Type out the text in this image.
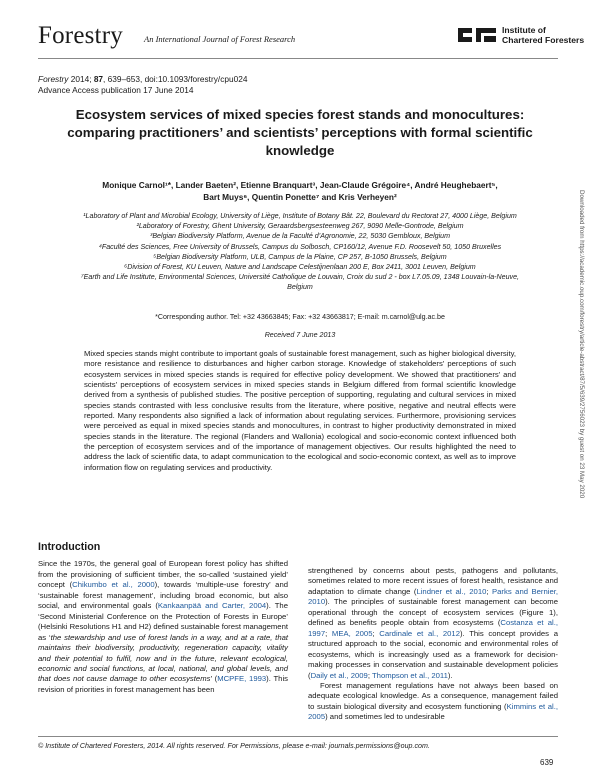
Forestry An International Journal of Forest Research
Institute of
Chartered Foresters
Forestry 2014; 87, 639–653, doi:10.1093/forestry/cpu024
Advance Access publication 17 June 2014
Ecosystem services of mixed species forest stands and monocultures: comparing practitioners’ and scientists’ perceptions with formal scientific knowledge
Monique Carnol¹*, Lander Baeten², Etienne Branquart³, Jean-Claude Grégoire⁴, André Heughebaert⁵,
Bart Muys⁶, Quentin Ponette⁷ and Kris Verheyen²
¹Laboratory of Plant and Microbial Ecology, University of Liège, Institute of Botany Bât. 22, Boulevard du Rectorat 27, 4000 Liège, Belgium
²Laboratory of Forestry, Ghent University, Geraardsbergsesteenweg 267, 9090 Melle-Gontrode, Belgium
³Belgian Biodiversity Platform, Avenue de la Faculté d’Agronomie, 22, 5030 Gembloux, Belgium
⁴Faculté des Sciences, Free University of Brussels, Campus du Solbosch, CP160/12, Avenue F.D. Roosevelt 50, 1050 Bruxelles
⁵Belgian Biodiversity Platform, ULB, Campus de la Plaine, CP 257, B-1050 Brussels, Belgium
⁶Division of Forest, KU Leuven, Nature and Landscape Celestijnenlaan 200 E, Box 2411, 3001 Leuven, Belgium
⁷Earth and Life Institute, Environmental Sciences, Université Catholique de Louvain, Croix du sud 2 - box L7.05.09, 1348 Louvain-la-Neuve,
Belgium
*Corresponding author. Tel: +32 43663845; Fax: +32 43663817; E-mail: m.carnol@ulg.ac.be
Received 7 June 2013
Mixed species stands might contribute to important goals of sustainable forest management, such as higher biological diversity, more resistance and resilience to disturbances and higher carbon storage. Knowledge of stakeholders’ perceptions of such ecosystem services in mixed species stands is required for effective policy development. We showed that practitioners’ and scientists’ perceptions of ecosystem services in mixed species stands in Belgium differed from formal scientific knowledge derived from a synthesis of published studies. The positive perception of supporting, regulating and cultural services in mixed species stands contrasted with less conclusive results from the literature, where positive, negative and neutral effects were reported. Many respondents also signified a lack of information about regulating services. Furthermore, provisioning services were perceived as equal in mixed species stands and monocultures, in contrast to higher productivity demonstrated in mixed species stands in the literature. The regional (Flanders and Wallonia) ecological and socio-economic context influenced both the perception of ecosystem services and of the importance of management objectives. Our results highlighted the need to address the lack of scientific data, to adapt communication to the ecological and socio-economic context, as well as to improve information flow on regulating services and productivity.
Introduction

Since the 1970s, the general goal of European forest policy has shifted from the provisioning of sufficient timber, the so-called ‘sustained yield’ concept (Chikumbo et al., 2000), towards ‘multiple-use forestry’ and ‘sustainable forest management’, including broad economic, but also social, and environmental goals (Kankaanpää and Carter, 2004). The ‘Second Ministerial Conference on the Protection of Forests in Europe’ (Helsinki Resolutions H1 and H2) defined sustainable forest management as ‘the stewardship and use of forest lands in a way, and at a rate, that maintains their biodiversity, productivity, regeneration capacity, vitality and their potential to fulfil, now and in the future, relevant ecological, economic and social functions, at local, national, and global levels, and that does not cause damage to other ecosystems’ (MCPFE, 1993). This revision of priorities in forest management has been

strengthened by concerns about pests, pathogens and pollutants, sometimes related to more recent issues of forest health, resistance and adaptation to climate change (Lindner et al., 2010; Parks and Bernier, 2010). The principles of sustainable forest management can become operational through the concept of ecosystem services (Figure 1), defined as benefits people obtain from ecosystems (Costanza et al., 1997; MEA, 2005; Cardinale et al., 2012). This concept provides a structured approach to the social, economic and environmental roles of ecosystems, which is increasingly used as a framework for decision-making processes in conservation and sustainable development policies (Daily et al., 2009; Thompson et al., 2011).

Forest management regulations have not always been based on adequate ecological knowledge. As a consequence, management failed to sustain biological diversity and ecosystem functioning (Kimmins et al., 2005) and sometimes led to undesirable

© Institute of Chartered Foresters, 2014. All rights reserved. For Permissions, please e-mail: journals.permissions@oup.com.
639
Downloaded from https://academic.oup.com/forestry/article-abstract/87/5/639/2756023 by guest on 23 May 2020
